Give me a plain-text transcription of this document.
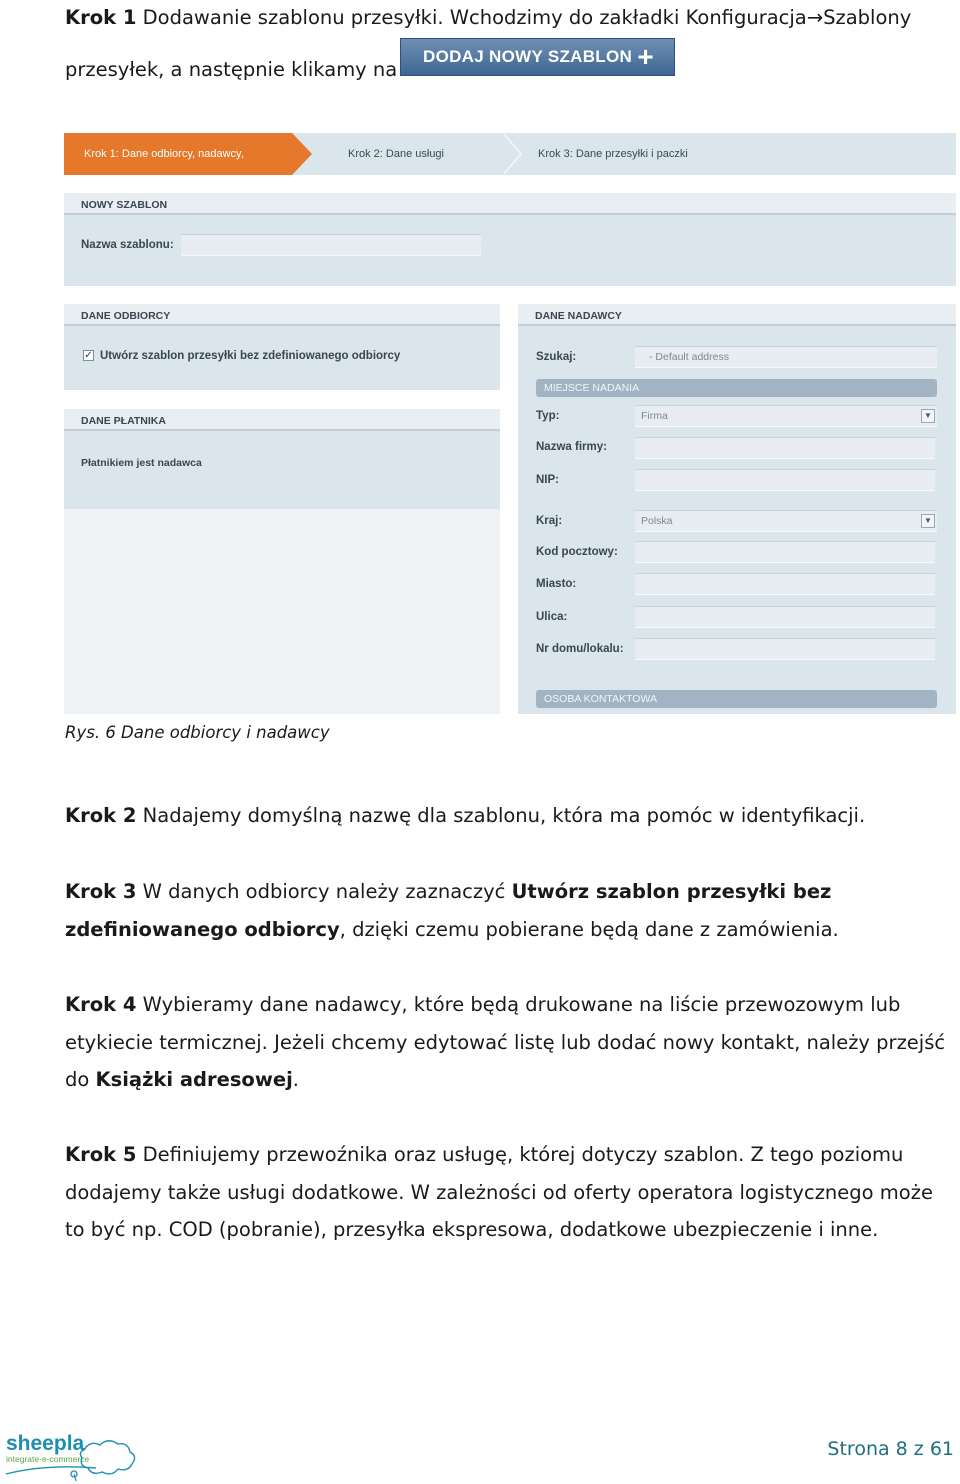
Krok 1 Dodawanie szablonu przesyłki. Wchodzimy do zakładki Konfiguracja→Szablony
przesyłek, a następnie klikamy na
DODAJ NOWY SZABLON +
Krok 1: Dane odbiorcy, nadawcy,	Krok 2: Dane usługi	Krok 3: Dane przesyłki i paczki
NOWY SZABLON
Nazwa szablonu:
DANE ODBIORCY
✓ Utwórz szablon przesyłki bez zdefiniowanego odbiorcy
DANE PŁATNIKA
Płatnikiem jest nadawca
DANE NADAWCY
Szukaj:	- Default address
MIEJSCE NADANIA
Typ:	Firma	▼
Nazwa firmy:
NIP:
Kraj:	Polska	▼
Kod pocztowy:
Miasto:
Ulica:
Nr domu/lokalu:
OSOBA KONTAKTOWA
Rys. 6 Dane odbiorcy i nadawcy
Krok 2 Nadajemy domyślną nazwę dla szablonu, która ma pomóc w identyfikacji.
Krok 3 W danych odbiorcy należy zaznaczyć Utwórz szablon przesyłki bez zdefiniowanego odbiorcy, dzięki czemu pobierane będą dane z zamówienia.
Krok 4 Wybieramy dane nadawcy, które będą drukowane na liście przewozowym lub etykiecie termicznej. Jeżeli chcemy edytować listę lub dodać nowy kontakt, należy przejść do Książki adresowej.
Krok 5 Definiujemy przewoźnika oraz usługę, której dotyczy szablon. Z tego poziomu dodajemy także usługi dodatkowe. W zależności od oferty operatora logistycznego może to być np. COD (pobranie), przesyłka ekspresowa, dodatkowe ubezpieczenie i inne.
sheepla
integrate·e-commerce	Strona 8 z 61
